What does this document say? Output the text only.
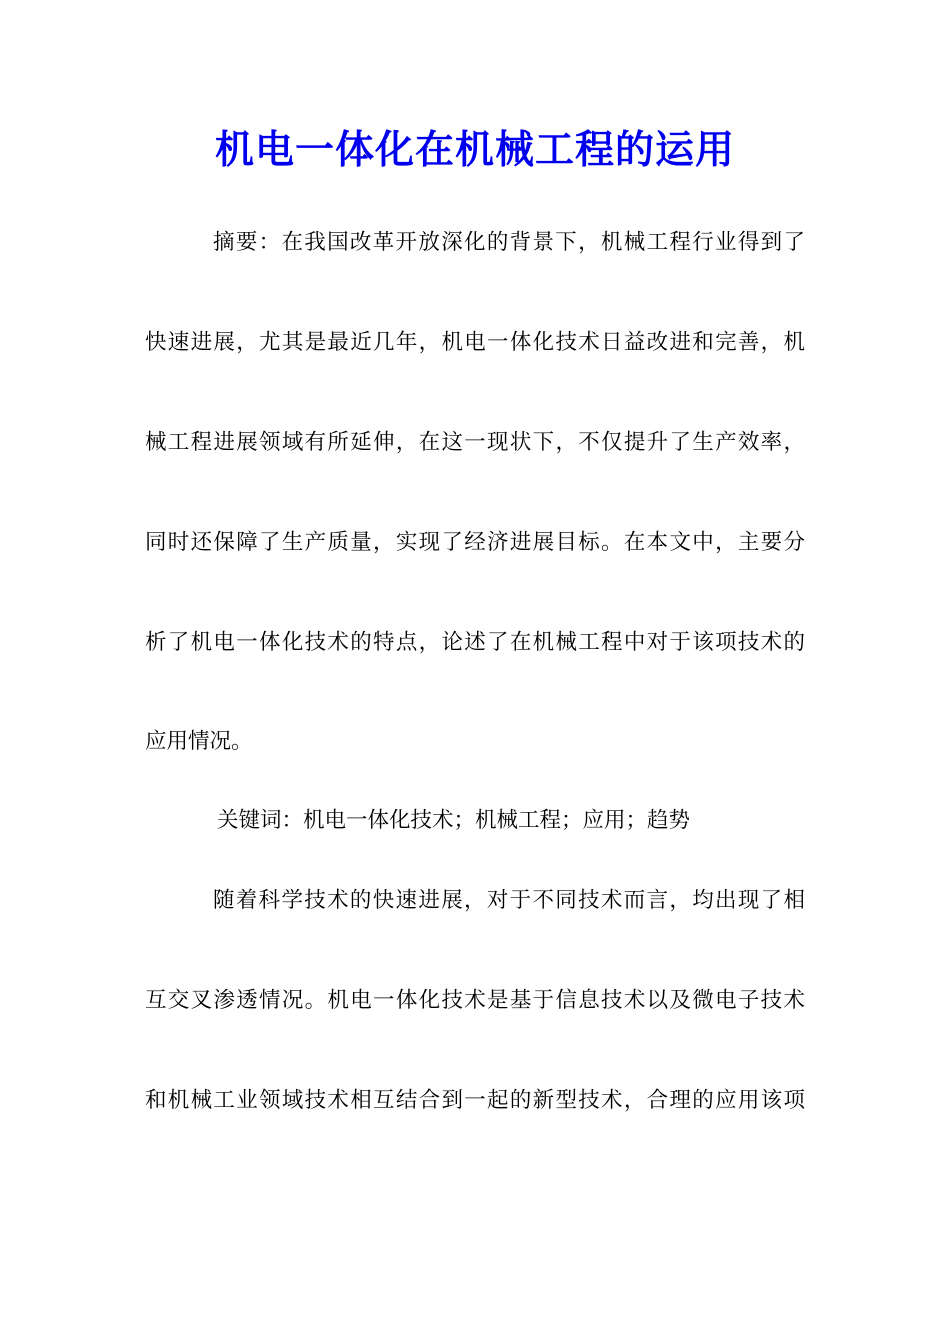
机电一体化在机械工程的运用
摘要：在我国改革开放深化的背景下，机械工程行业得到了
快速进展，尤其是最近几年，机电一体化技术日益改进和完善，机
械工程进展领域有所延伸，在这一现状下，不仅提升了生产效率，
同时还保障了生产质量，实现了经济进展目标。在本文中，主要分
析了机电一体化技术的特点，论述了在机械工程中对于该项技术的
应用情况。
关键词：机电一体化技术；机械工程；应用；趋势
随着科学技术的快速进展，对于不同技术而言，均出现了相
互交叉渗透情况。机电一体化技术是基于信息技术以及微电子技术
和机械工业领域技术相互结合到一起的新型技术，合理的应用该项
